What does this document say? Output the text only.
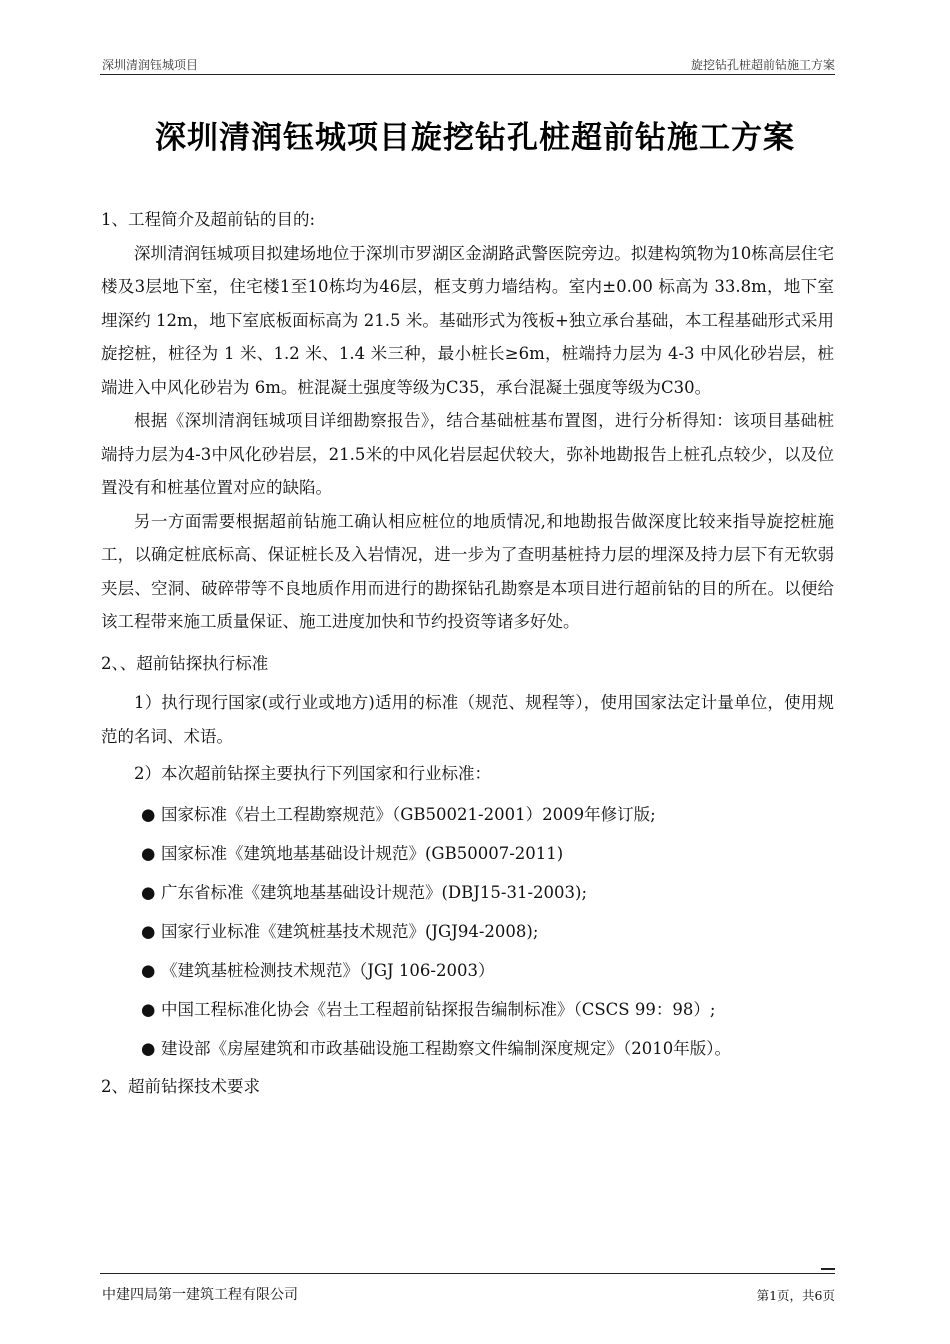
深圳清润钰城项目	旋挖钻孔桩超前钻施工方案
深圳清润钰城项目旋挖钻孔桩超前钻施工方案

1、工程简介及超前钻的目的:

深圳清润钰城项目拟建场地位于深圳市罗湖区金湖路武警医院旁边。拟建构筑物为10栋高层住宅楼及3层地下室，住宅楼1至10栋均为46层，框支剪力墙结构。室内±0.00 标高为 33.8m，地下室埋深约 12m，地下室底板面标高为 21.5 米。基础形式为筏板+独立承台基础，本工程基础形式采用旋挖桩，桩径为 1 米、1.2 米、1.4 米三种，最小桩长≥6m，桩端持力层为 4-3 中风化砂岩层，桩端进入中风化砂岩为 6m。桩混凝土强度等级为C35，承台混凝土强度等级为C30。

根据《深圳清润钰城项目详细勘察报告》，结合基础桩基布置图，进行分析得知：该项目基础桩端持力层为4-3中风化砂岩层，21.5米的中风化岩层起伏较大，弥补地勘报告上桩孔点较少，以及位置没有和桩基位置对应的缺陷。

另一方面需要根据超前钻施工确认相应桩位的地质情况,和地勘报告做深度比较来指导旋挖桩施工，以确定桩底标高、保证桩长及入岩情况，进一步为了查明基桩持力层的埋深及持力层下有无软弱夹层、空洞、破碎带等不良地质作用而进行的勘探钻孔勘察是本项目进行超前钻的目的所在。以便给该工程带来施工质量保证、施工进度加快和节约投资等诸多好处。

2、、超前钻探执行标准

1）执行现行国家(或行业或地方)适用的标准（规范、规程等），使用国家法定计量单位，使用规范的名词、术语。

2）本次超前钻探主要执行下列国家和行业标准：

● 国家标准《岩土工程勘察规范》（GB50021-2001）2009年修订版;
● 国家标准《建筑地基基础设计规范》(GB50007-2011)
● 广东省标准《建筑地基基础设计规范》(DBJ15-31-2003);
● 国家行业标准《建筑桩基技术规范》(JGJ94-2008);
● 《建筑基桩检测技术规范》（JGJ 106-2003）
● 中国工程标准化协会《岩土工程超前钻探报告编制标准》（CSCS 99：98）;
● 建设部《房屋建筑和市政基础设施工程勘察文件编制深度规定》（2010年版）。

2、超前钻探技术要求

中建四局第一建筑工程有限公司	第1页，共6页
